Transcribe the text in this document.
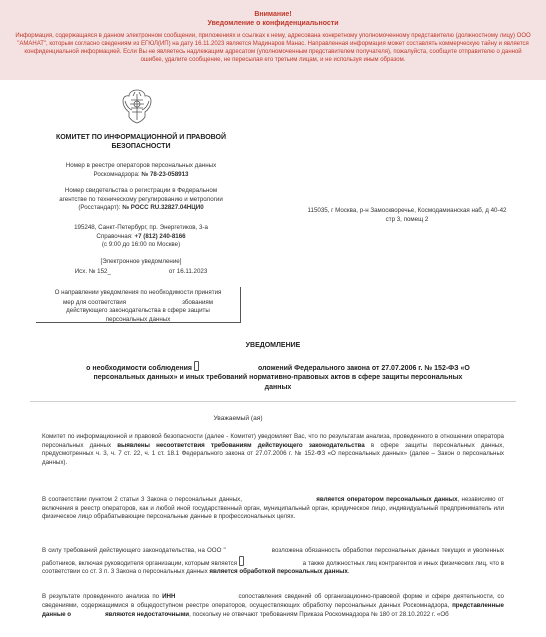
Внимание!
Уведомление о конфиденциальности
Информация, содержащаяся в данном электронном сообщении, приложениях и ссылках к нему, адресована конкретному уполномоченному представителю (должностному лицу) ООО "АМАНАТ", которым согласно сведениям из ЕГЮЛ(ИП) на дату 16.11.2023 является Мадинаров Манас. Направленная информация может составлять коммерческую тайну и является конфиденциальной информацией. Если Вы не являетесь надлежащим адресатом (уполномоченным представителем получателя), пожалуйста, сообщите отправителю о данной ошибке, удалите сообщение, не пересылая его третьим лицам, и не используя иным образом.
КОМИТЕТ ПО ИНФОРМАЦИОННОЙ И ПРАВОВОЙ
БЕЗОПАСНОСТИ
Номер в реестре операторов персональных данных
Роскомнадзора: № 78-23-058913
Номер свидетельства о регистрации в Федеральном
агентстве по техническому регулированию и метрологии
(Росстандарт): № РОСС RU.32827.04НЦИ0
195248, Санкт-Петербург, пр. Энергетиков, 3-а
Справочная: +7 (812) 240-8166
(с 9:00 до 16:00 по Москве)
[Электронное уведомление]
Исх. № 152_	от 16.11.2023
115035, г Москва, р-н Замоскворечье, Космодамианская наб, д 40-42
стр 3, помещ 2
О направлении уведомления по необходимости принятия
мер для соответствия	збованиям
действующего законодательства в сфере защиты
персональных данных
УВЕДОМЛЕНИЕ
о необходимости соблюдения	оложений Федерального закона от 27.07.2006 г. № 152-ФЗ «О
персональных данных» и иных требований нормативно-правовых актов в сфере защиты персональных
данных
Уважаемый (ая)
Комитет по информационной и правовой безопасности (далее - Комитет) уведомляет Вас, что по результатам анализа, проведенного в отношении оператора персональных данных выявлены несоответствия требованиям действующего законодательства в сфере защиты персональных данных, предусмотренных ч. 3, ч. 7 ст. 22, ч. 1 ст. 18.1 Федерального закона от 27.07.2006 г. № 152-ФЗ «О персональных данных» (далее – Закон о персональных данных).
В соответствии пунктом 2 статьи 3 Закона о персональных данных,	является оператором персональных данных, независимо от включения в реестр операторов, как и любой иной государственный орган, муниципальный орган, юридическое лицо, индивидуальный предприниматель или физическое лицо обрабатывающие персональные данные в профессиональных целях.
В силу требований действующего законодательства, на ООО "	возложена обязанность обработки персональных данных текущих и уволенных работников, включая руководителя организации, которым является	а также должностных лиц контрагентов и иных физических лиц, что в соответствии со ст. 3 п. 3 Закона о персональных данных является обработкой персональных данных.
В результате проведенного анализа по ИНН	сопоставления сведений об организационно-правовой форме и сфере деятельности, со сведениями, содержащимися в общедоступном реестре операторов, осуществляющих обработку персональных данных Роскомнадзора, представленные данные о	являются недостаточными, поскольку не отвечают требованиям Приказа Роскомнадзора № 180 от 28.10.2022 г. «Об
